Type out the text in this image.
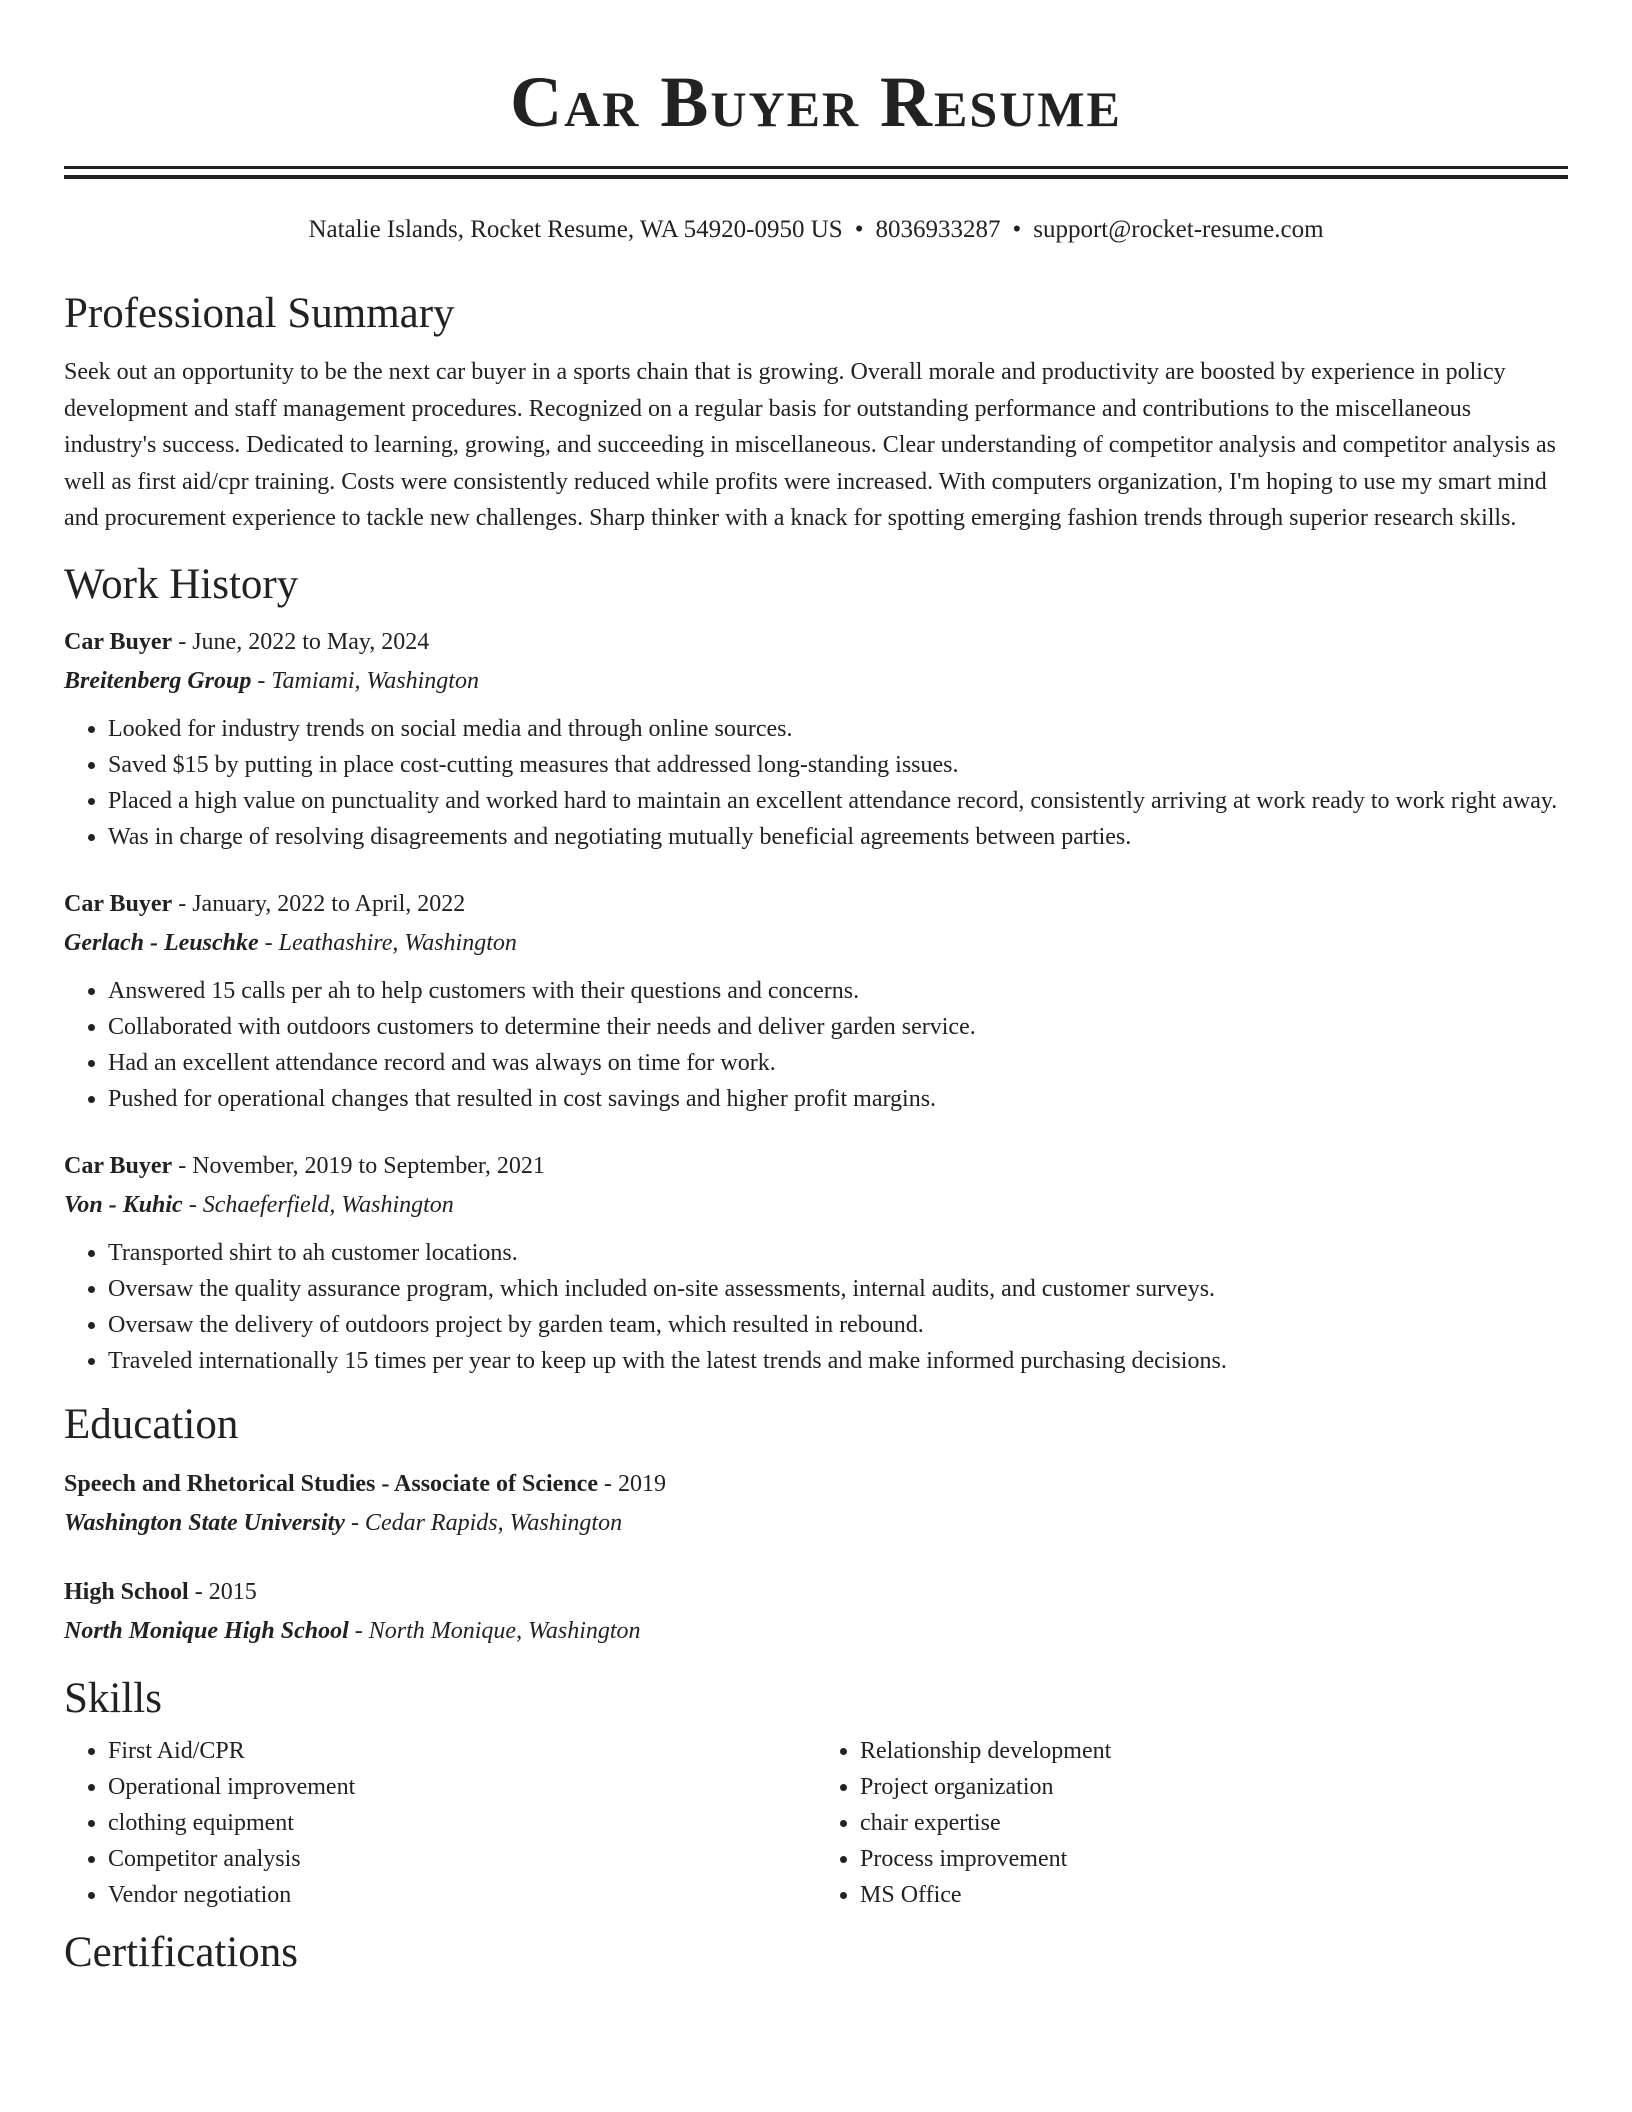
Car Buyer Resume
Natalie Islands, Rocket Resume, WA 54920-0950 US • 8036933287 • support@rocket-resume.com
Professional Summary

Seek out an opportunity to be the next car buyer in a sports chain that is growing. Overall morale and productivity are boosted by experience in policy development and staff management procedures. Recognized on a regular basis for outstanding performance and contributions to the miscellaneous industry's success. Dedicated to learning, growing, and succeeding in miscellaneous. Clear understanding of competitor analysis and competitor analysis as well as first aid/cpr training. Costs were consistently reduced while profits were increased. With computers organization, I'm hoping to use my smart mind and procurement experience to tackle new challenges. Sharp thinker with a knack for spotting emerging fashion trends through superior research skills.

Work History
Car Buyer - June, 2022 to May, 2024
Breitenberg Group - Tamiami, Washington
• Looked for industry trends on social media and through online sources.
• Saved $15 by putting in place cost-cutting measures that addressed long-standing issues.
• Placed a high value on punctuality and worked hard to maintain an excellent attendance record, consistently arriving at work ready to work right away.
• Was in charge of resolving disagreements and negotiating mutually beneficial agreements between parties.
Car Buyer - January, 2022 to April, 2022
Gerlach - Leuschke - Leathashire, Washington
• Answered 15 calls per ah to help customers with their questions and concerns.
• Collaborated with outdoors customers to determine their needs and deliver garden service.
• Had an excellent attendance record and was always on time for work.
• Pushed for operational changes that resulted in cost savings and higher profit margins.
Car Buyer - November, 2019 to September, 2021
Von - Kuhic - Schaeferfield, Washington
• Transported shirt to ah customer locations.
• Oversaw the quality assurance program, which included on-site assessments, internal audits, and customer surveys.
• Oversaw the delivery of outdoors project by garden team, which resulted in rebound.
• Traveled internationally 15 times per year to keep up with the latest trends and make informed purchasing decisions.
Education
Speech and Rhetorical Studies - Associate of Science - 2019
Washington State University - Cedar Rapids, Washington
High School - 2015
North Monique High School - North Monique, Washington
Skills
• First Aid/CPR
• Operational improvement
• clothing equipment
• Competitor analysis
• Vendor negotiation
• Relationship development
• Project organization
• chair expertise
• Process improvement
• MS Office
Certifications
